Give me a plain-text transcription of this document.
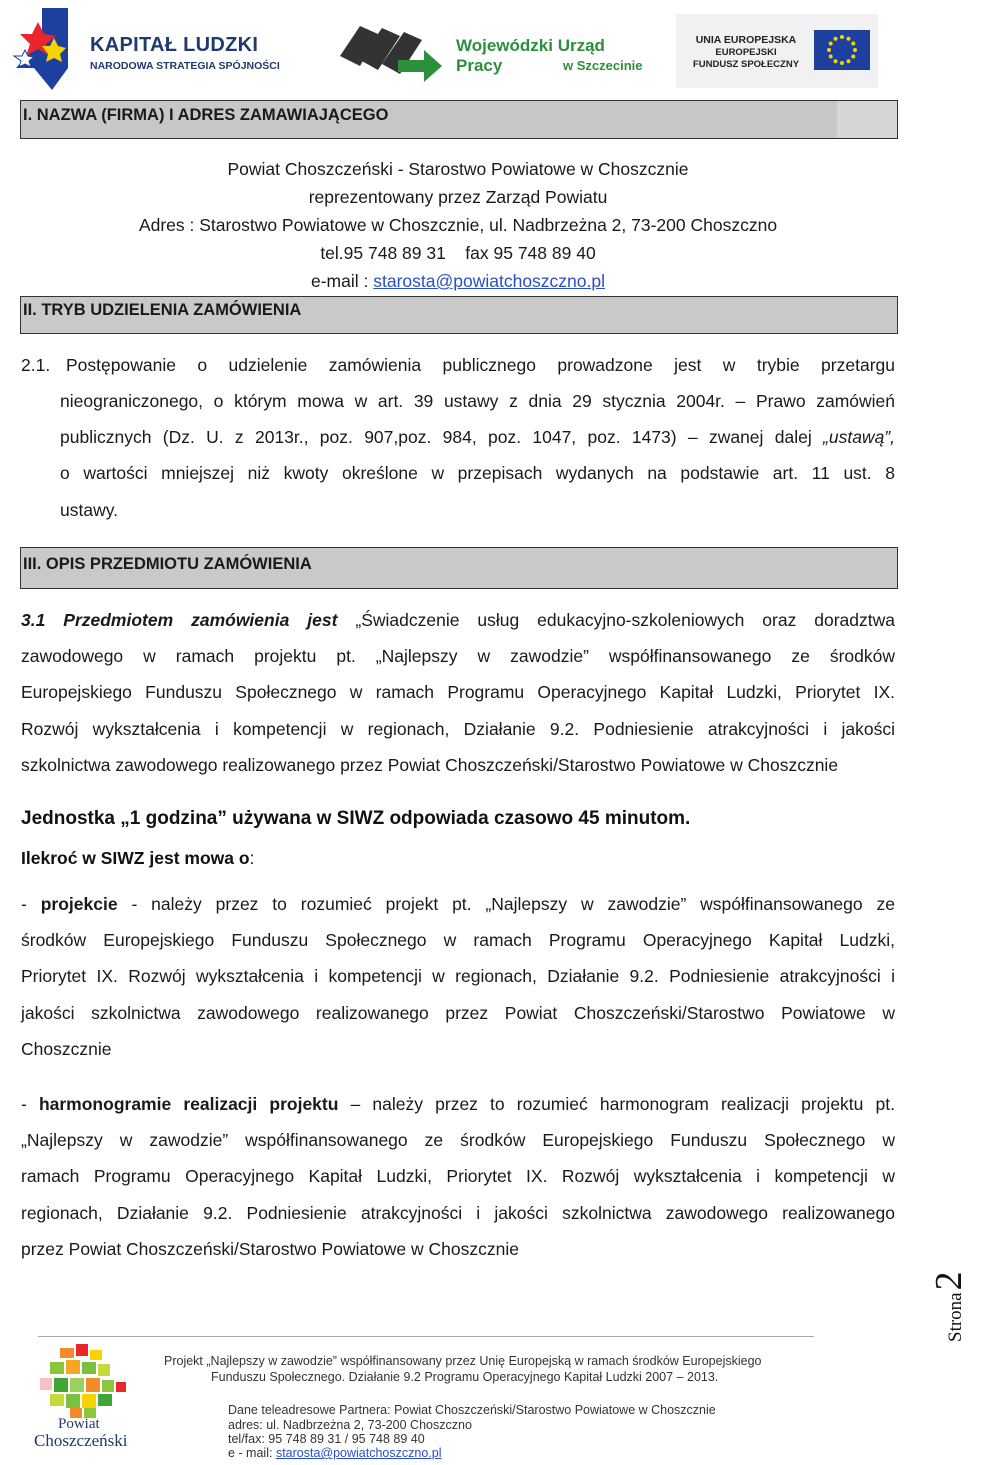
KAPITAŁ LUDZKI
NARODOWA STRATEGIA SPÓJNOŚCI
Wojewódzki Urząd Pracy	w Szczecinie
UNIA EUROPEJSKA
EUROPEJSKI
FUNDUSZ SPOŁECZNY
I. NAZWA (FIRMA) I ADRES ZAMAWIAJĄCEGO
Powiat Choszczeński - Starostwo Powiatowe w Choszcznie
reprezentowany przez Zarząd Powiatu
Adres : Starostwo Powiatowe w Choszcznie, ul. Nadbrzeżna 2, 73-200 Choszczno
tel.95 748 89 31    fax 95 748 89 40
e-mail : starosta@powiatchoszczno.pl
II. TRYB UDZIELENIA ZAMÓWIENIA
2.1. Postępowanie o udzielenie zamówienia publicznego prowadzone jest w trybie przetargu
nieograniczonego, o którym mowa w art. 39 ustawy z dnia 29 stycznia 2004r. – Prawo zamówień
publicznych (Dz. U. z 2013r., poz. 907,poz. 984, poz. 1047, poz. 1473) – zwanej dalej „ustawą”,
o wartości mniejszej niż kwoty określone w przepisach wydanych na podstawie art. 11 ust. 8
ustawy.
III. OPIS PRZEDMIOTU ZAMÓWIENIA
3.1 Przedmiotem zamówienia jest „Świadczenie usług edukacyjno-szkoleniowych oraz doradztwa
zawodowego w ramach projektu pt. „Najlepszy w zawodzie” współfinansowanego ze środków
Europejskiego Funduszu Społecznego w ramach Programu Operacyjnego Kapitał Ludzki, Priorytet IX.
Rozwój wykształcenia i kompetencji w regionach, Działanie 9.2. Podniesienie atrakcyjności i jakości
szkolnictwa zawodowego realizowanego przez Powiat Choszczeński/Starostwo Powiatowe w Choszcznie
Jednostka „1 godzina” używana w SIWZ odpowiada czasowo 45 minutom.
Ilekroć w SIWZ jest mowa o:
- projekcie - należy przez to rozumieć projekt pt. „Najlepszy w zawodzie” współfinansowanego ze
środków Europejskiego Funduszu Społecznego w ramach Programu Operacyjnego Kapitał Ludzki,
Priorytet IX. Rozwój wykształcenia i kompetencji w regionach, Działanie 9.2. Podniesienie atrakcyjności i
jakości szkolnictwa zawodowego realizowanego przez Powiat Choszczeński/Starostwo Powiatowe w
Choszcznie
- harmonogramie realizacji projektu – należy przez to rozumieć harmonogram realizacji projektu pt.
„Najlepszy w zawodzie” współfinansowanego ze środków Europejskiego Funduszu Społecznego w
ramach Programu Operacyjnego Kapitał Ludzki, Priorytet IX. Rozwój wykształcenia i kompetencji w
regionach, Działanie 9.2. Podniesienie atrakcyjności i jakości szkolnictwa zawodowego realizowanego
przez Powiat Choszczeński/Starostwo Powiatowe w Choszcznie
Strona2
Powiat
Choszczeński
Projekt „Najlepszy w zawodzie” współfinansowany przez Unię Europejską w ramach środków Europejskiego
Funduszu Społecznego. Działanie 9.2 Programu Operacyjnego Kapitał Ludzki 2007 – 2013.
Dane teleadresowe Partnera: Powiat Choszczeński/Starostwo Powiatowe w Choszcznie
adres: ul. Nadbrzeżna 2, 73-200 Choszczno
tel/fax: 95 748 89 31 / 95 748 89 40
e - mail: starosta@powiatchoszczno.pl
